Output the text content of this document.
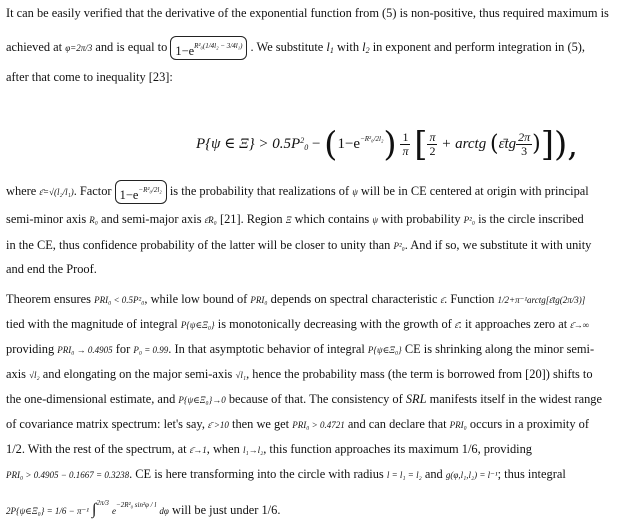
It can be easily verified that the derivative of the exponential function from (5) is non-positive, thus required maximum is
achieved at φ=2π/3 and is equal to $1-e^{R^2_0(1/4l_2 - 3/4l_1)}$ . We substitute l1 with l2 in exponent and perform integration in (5),
after that come to inequality [23]:
P{ψ ∈ $\Xi\} > 0.5P^20 - (1-e^{-R^2_0/2l_2}) \frac{1}{\pi}$ [ $\frac{\pi}{2}$ + arctg (ε̄tg $\frac{2\pi}{3}$ )]),
where ε̄=√(l₂/l₁). Factor $1-e^{-R^2_0/2l_2}$ is the probability that realizations of ψ will be in CE centered at origin with principal
semi-minor axis R₀ and semi-major axis ε̄R₀ [21]. Region Ξ which contains ψ with probability P²₀ is the circle inscribed
in the CE, thus confidence probability of the latter will be closer to unity than P²₀. And if so, we substitute it with unity
and end the Proof.
Theorem ensures PRI₀ < 0.5P²₀, while low bound of PRI₀ depends on spectral characteristic ε̄. Function 1/2+π⁻¹arctg[ε̄tg(2π/3)]
tied with the magnitude of integral P{ψ∈Ξ₀} is monotonically decreasing with the growth of ε̄: it approaches zero at ε̄→∞
providing PRI₀ → 0.4905 for P₀ = 0.99. In that asymptotic behavior of integral P{ψ∈Ξ₀} CE is shrinking along the minor semi-
axis √l₂ and elongating on the major semi-axis √l₁, hence the probability mass (the term is borrowed from [20]) shifts to
the one-dimensional estimate, and P{ψ∈Ξ₀}→0 because of that. The consistency of SRL manifests itself in the widest range
of covariance matrix spectrum: let's say, ε̄ >10 then we get PRI₀ > 0.4721 and can declare that PRI₀ occurs in a proximity of
1/2. With the rest of the spectrum, at ε̄→1, when l₁→l₂, this function approaches its maximum 1/6, providing
PRI₀ > 0.4905 − 0.1667 = 0.3238. CE is here transforming into the circle with radius l = l₁ = l₂ and g(φ,l₁,l₂) = l⁻¹; thus integral
2P{ψ∈Ξ₀} = 1/6 − π⁻¹ ∫$^{2\pi/3}$ $e^{-2R^2_0 sin^2\varphi / l}$ dφ will be just under 1/6.
